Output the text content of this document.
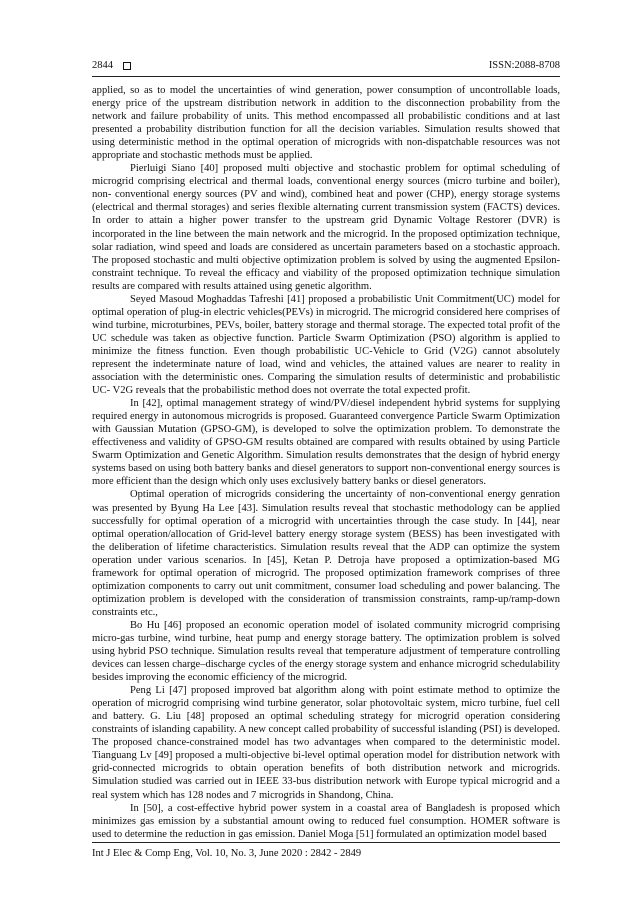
2844	ISSN:2088-8708

applied, so as to model the uncertainties of wind generation, power consumption of uncontrollable loads, energy price of the upstream distribution network in addition to the disconnection probability from the network and failure probability of units. This method encompassed all probabilistic conditions and at last presented a probability distribution function for all the decision variables. Simulation results showed that using deterministic method in the optimal operation of microgrids with non-dispatchable resources was not appropriate and stochastic methods must be applied.

Pierluigi Siano [40] proposed multi objective and stochastic problem for optimal scheduling of microgrid comprising electrical and thermal loads, conventional energy sources (micro turbine and boiler), non- conventional energy sources (PV and wind), combined heat and power (CHP), energy storage systems (electrical and thermal storages) and series flexible alternating current transmission system (FACTS) devices. In order to attain a higher power transfer to the upstream grid Dynamic Voltage Restorer (DVR) is incorporated in the line between the main network and the microgrid. In the proposed optimization technique, solar radiation, wind speed and loads are considered as uncertain parameters based on a stochastic approach. The proposed stochastic and multi objective optimization problem is solved by using the augmented Epsilon-constraint technique. To reveal the efficacy and viability of the proposed optimization technique simulation results are compared with results attained using genetic algorithm.

Seyed Masoud Moghaddas Tafreshi [41] proposed a probabilistic Unit Commitment(UC) model for optimal operation of plug-in electric vehicles(PEVs) in microgrid. The microgrid considered here comprises of wind turbine, microturbines, PEVs, boiler, battery storage and thermal storage. The expected total profit of the UC schedule was taken as objective function. Particle Swarm Optimization (PSO) algorithm is applied to minimize the fitness function. Even though probabilistic UC-Vehicle to Grid (V2G) cannot absolutely represent the indeterminate nature of load, wind and vehicles, the attained values are nearer to reality in association with the deterministic ones. Comparing the simulation results of deterministic and probabilistic UC- V2G reveals that the probabilistic method does not overrate the total expected profit.

In [42], optimal management strategy of wind/PV/diesel independent hybrid systems for supplying required energy in autonomous microgrids is proposed. Guaranteed convergence Particle Swarm Optimization with Gaussian Mutation (GPSO-GM), is developed to solve the optimization problem. To demonstrate the effectiveness and validity of GPSO-GM results obtained are compared with results obtained by using Particle Swarm Optimization and Genetic Algorithm. Simulation results demonstrates that the design of hybrid energy systems based on using both battery banks and diesel generators to support non-conventional energy sources is more efficient than the design which only uses exclusively battery banks or diesel generators.

Optimal operation of microgrids considering the uncertainty of non-conventional energy genration was presented by Byung Ha Lee [43]. Simulation results reveal that stochastic methodology can be applied successfully for optimal operation of a microgrid with uncertainties through the case study. In [44], near optimal operation/allocation of Grid-level battery energy storage system (BESS) has been investigated with the deliberation of lifetime characteristics. Simulation results reveal that the ADP can optimize the system operation under various scenarios. In [45], Ketan P. Detroja have proposed a optimization-based MG framework for optimal operation of microgrid. The proposed optimization framework comprises of three optimization components to carry out unit commitment, consumer load scheduling and power balancing. The optimization problem is developed with the consideration of transmission constraints, ramp-up/ramp-down constraints etc.,

Bo Hu [46] proposed an economic operation model of isolated community microgrid comprising micro-gas turbine, wind turbine, heat pump and energy storage battery. The optimization problem is solved using hybrid PSO technique. Simulation results reveal that temperature adjustment of temperature controlling devices can lessen charge–discharge cycles of the energy storage system and enhance microgrid schedulability besides improving the economic efficiency of the microgrid.

Peng Li [47] proposed improved bat algorithm along with point estimate method to optimize the operation of microgrid comprising wind turbine generator, solar photovoltaic system, micro turbine, fuel cell and battery. G. Liu [48] proposed an optimal scheduling strategy for microgrid operation considering constraints of islanding capability. A new concept called probability of successful islanding (PSI) is developed. The proposed chance-constrained model has two advantages when compared to the deterministic model. Tianguang Lv [49] proposed a multi-objective bi-level optimal operation model for distribution network with grid-connected microgrids to obtain operation benefits of both distribution network and microgrids. Simulation studied was carried out in IEEE 33-bus distribution network with Europe typical microgrid and a real system which has 128 nodes and 7 microgrids in Shandong, China.

In [50], a cost-effective hybrid power system in a coastal area of Bangladesh is proposed which minimizes gas emission by a substantial amount owing to reduced fuel consumption. HOMER software is used to determine the reduction in gas emission. Daniel Moga [51] formulated an optimization model based

Int J Elec & Comp Eng, Vol. 10, No. 3, June 2020 : 2842 - 2849
